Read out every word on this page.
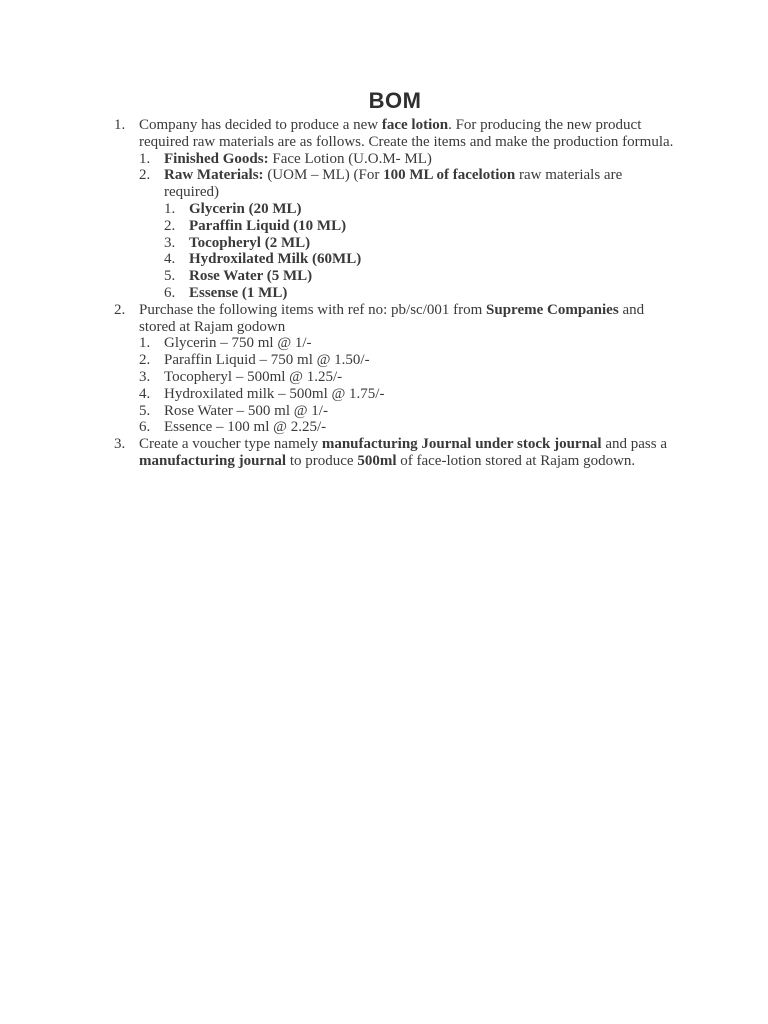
BOM
1. Company has decided to produce a new face lotion. For producing the new product required raw materials are as follows. Create the items and make the production formula.
1. Finished Goods: Face Lotion (U.O.M- ML)
2. Raw Materials: (UOM – ML) (For 100 ML of facelotion raw materials are required)
1. Glycerin (20 ML)
2. Paraffin Liquid (10 ML)
3. Tocopheryl (2 ML)
4. Hydroxilated Milk (60ML)
5. Rose Water (5 ML)
6. Essense (1 ML)
2. Purchase the following items with ref no: pb/sc/001 from Supreme Companies and stored at Rajam godown
1. Glycerin – 750 ml @ 1/-
2. Paraffin Liquid – 750 ml @ 1.50/-
3. Tocopheryl – 500ml @ 1.25/-
4. Hydroxilated milk – 500ml @ 1.75/-
5. Rose Water – 500 ml @ 1/-
6. Essence – 100 ml @ 2.25/-
3. Create a voucher type namely manufacturing Journal under stock journal and pass a manufacturing journal to produce 500ml of face-lotion stored at Rajam godown.
